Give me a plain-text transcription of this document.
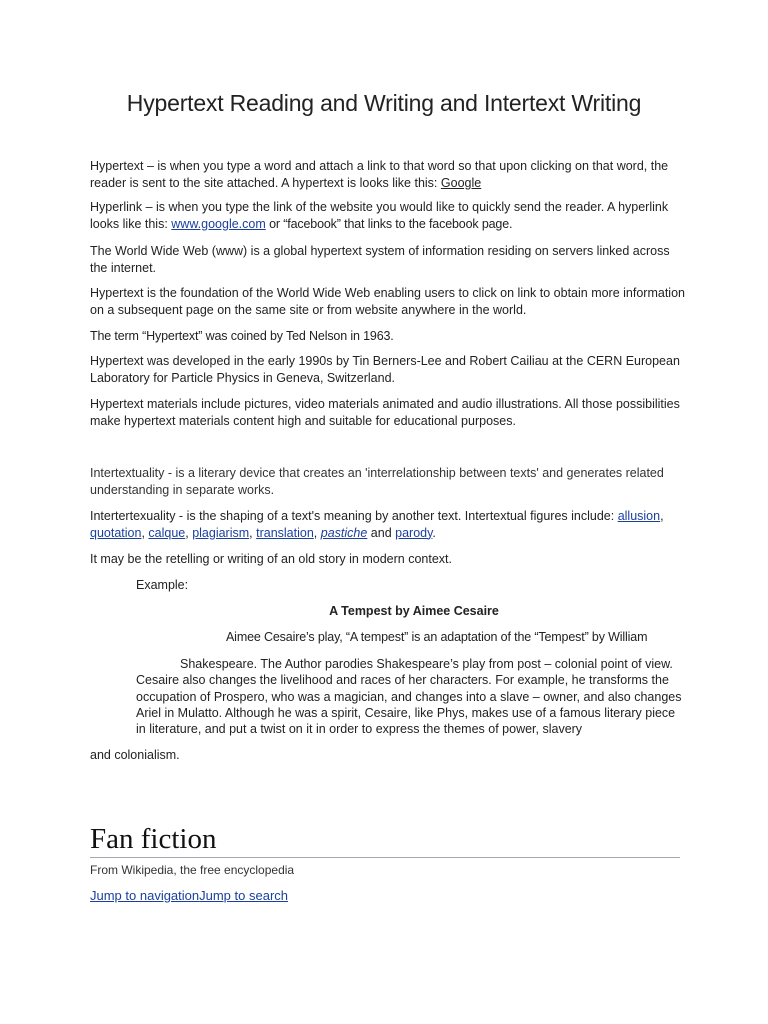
Hypertext Reading and Writing and Intertext Writing
Hypertext – is when you type a word and attach a link to that word so that upon clicking on that word, the reader is sent to the site attached. A hypertext is looks like this: Google
Hyperlink – is when you type the link of the website you would like to quickly send the reader. A hyperlink looks like this: www.google.com or “facebook” that links to the facebook page.
The World Wide Web (www) is a global hypertext system of information residing on servers linked across the internet.
Hypertext is the foundation of the World Wide Web enabling users to click on link to obtain more information on a subsequent page on the same site or from website anywhere in the world.
The term “Hypertext” was coined by Ted Nelson in 1963.
Hypertext was developed in the early 1990s by Tin Berners-Lee and Robert Cailiau at the CERN European Laboratory for Particle Physics in Geneva, Switzerland.
Hypertext materials include pictures, video materials animated and audio illustrations. All those possibilities make hypertext materials content high and suitable for educational purposes.
Intertextuality - is a literary device that creates an 'interrelationship between texts' and generates related understanding in separate works.
Intertertexuality - is the shaping of a text's meaning by another text. Intertextual figures include: allusion, quotation, calque, plagiarism, translation, pastiche and parody.
It may be the retelling or writing of an old story in modern context.
Example:
A Tempest by Aimee Cesaire
Aimee Cesaire’s play, “A tempest” is an adaptation of the “Tempest” by William
Shakespeare. The Author parodies Shakespeare’s play from post – colonial point of view. Cesaire also changes the livelihood and races of her characters. For example, he transforms the occupation of Prospero, who was a magician, and changes into a slave – owner, and also changes Ariel in Mulatto. Although he was a spirit, Cesaire, like Phys, makes use of a famous literary piece in literature, and put a twist on it in order to express the themes of power, slavery
and colonialism.
Fan fiction
From Wikipedia, the free encyclopedia
Jump to navigationJump to search
